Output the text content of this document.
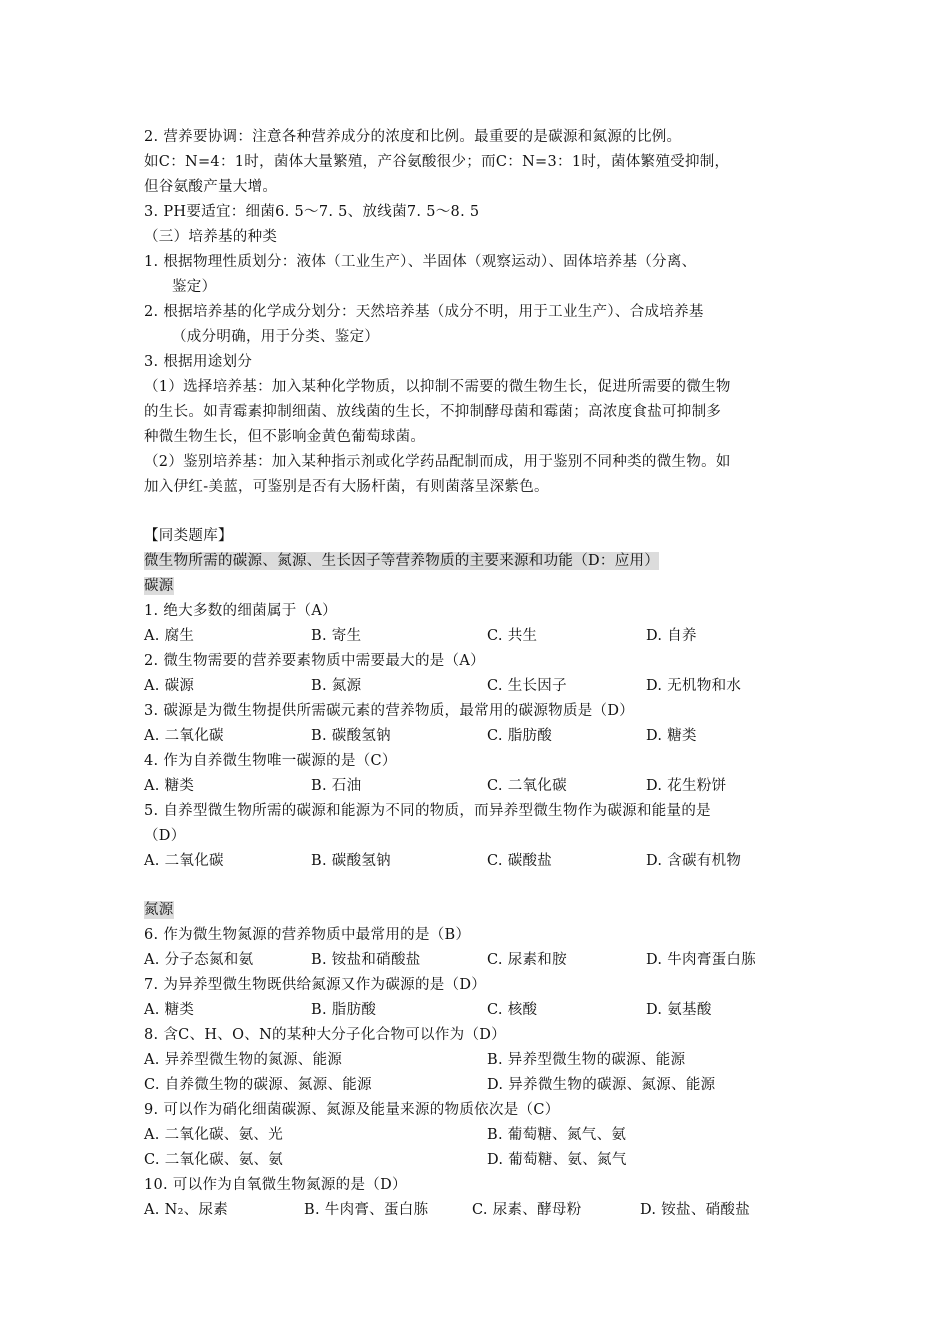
2. 营养要协调：注意各种营养成分的浓度和比例。最重要的是碳源和氮源的比例。
如C：N=4：1时，菌体大量繁殖，产谷氨酸很少；而C：N=3：1时，菌体繁殖受抑制，
但谷氨酸产量大增。
3. PH要适宜：细菌6. 5～7. 5、放线菌7. 5～8. 5
（三）培养基的种类
1. 根据物理性质划分：液体（工业生产）、半固体（观察运动）、固体培养基（分离、
鉴定）
2. 根据培养基的化学成分划分：天然培养基（成分不明，用于工业生产）、合成培养基
（成分明确，用于分类、鉴定）
3. 根据用途划分
（1）选择培养基：加入某种化学物质，以抑制不需要的微生物生长，促进所需要的微生物
的生长。如青霉素抑制细菌、放线菌的生长，不抑制酵母菌和霉菌；高浓度食盐可抑制多
种微生物生长，但不影响金黄色葡萄球菌。
（2）鉴别培养基：加入某种指示剂或化学药品配制而成，用于鉴别不同种类的微生物。如
加入伊红-美蓝，可鉴别是否有大肠杆菌，有则菌落呈深紫色。
【同类题库】
微生物所需的碳源、氮源、生长因子等营养物质的主要来源和功能（D：应用）
碳源
1. 绝大多数的细菌属于（A）
A. 腐生	B. 寄生	C. 共生	D. 自养
2. 微生物需要的营养要素物质中需要最大的是（A）
A. 碳源	B. 氮源	C. 生长因子	D. 无机物和水
3. 碳源是为微生物提供所需碳元素的营养物质，最常用的碳源物质是（D）
A. 二氧化碳	B. 碳酸氢钠	C. 脂肪酸	D. 糖类
4. 作为自养微生物唯一碳源的是（C）
A. 糖类	B. 石油	C. 二氧化碳	D. 花生粉饼
5. 自养型微生物所需的碳源和能源为不同的物质，而异养型微生物作为碳源和能量的是
（D）
A. 二氧化碳	B. 碳酸氢钠	C. 碳酸盐	D. 含碳有机物
氮源
6. 作为微生物氮源的营养物质中最常用的是（B）
A. 分子态氮和氨	B. 铵盐和硝酸盐	C. 尿素和胺	D. 牛肉膏蛋白胨
7. 为异养型微生物既供给氮源又作为碳源的是（D）
A. 糖类	B. 脂肪酸	C. 核酸	D. 氨基酸
8. 含C、H、O、N的某种大分子化合物可以作为（D）
A. 异养型微生物的氮源、能源	B. 异养型微生物的碳源、能源
C. 自养微生物的碳源、氮源、能源	D. 异养微生物的碳源、氮源、能源
9. 可以作为硝化细菌碳源、氮源及能量来源的物质依次是（C）
A. 二氧化碳、氨、光	B. 葡萄糖、氮气、氨
C. 二氧化碳、氨、氨	D. 葡萄糖、氨、氮气
10. 可以作为自氧微生物氮源的是（D）
A. N₂、尿素	B. 牛肉膏、蛋白胨	C. 尿素、酵母粉	D. 铵盐、硝酸盐
